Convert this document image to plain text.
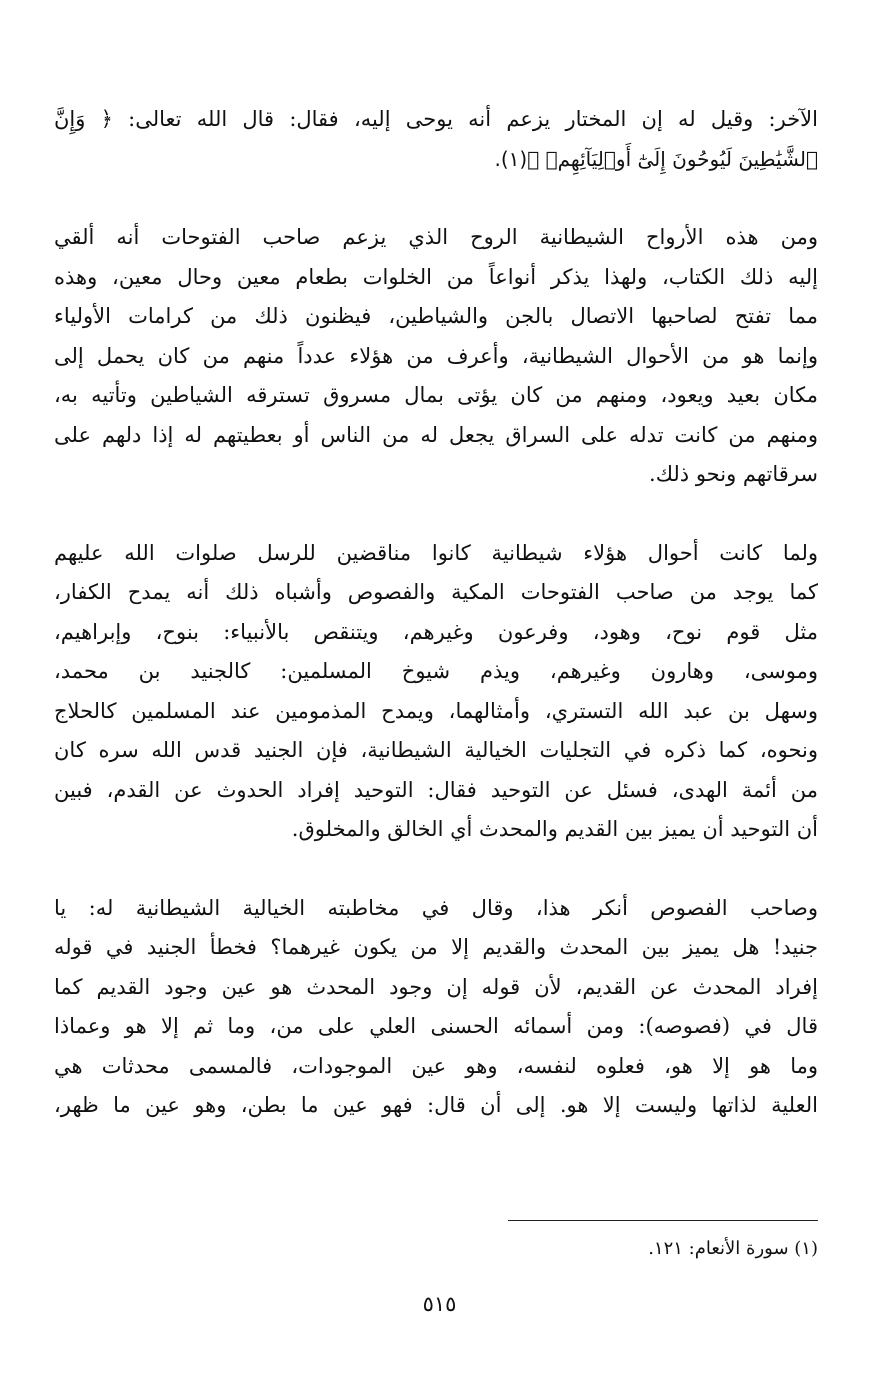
الآخر: وقيل له إن المختار يزعم أنه يوحى إليه، فقال: قال الله تعالى: ﴿ وَإِنَّ
ٱلشَّيَٰطِينَ لَيُوحُونَ إِلَىٰٓ أَوۡلِيَآئِهِمۡ ﴾(١).

ومن هذه الأرواح الشيطانية الروح الذي يزعم صاحب الفتوحات أنه ألقي
إليه ذلك الكتاب، ولهذا يذكر أنواعاً من الخلوات بطعام معين وحال معين، وهذه
مما تفتح لصاحبها الاتصال بالجن والشياطين، فيظنون ذلك من كرامات الأولياء
وإنما هو من الأحوال الشيطانية، وأعرف من هؤلاء عدداً منهم من كان يحمل إلى
مكان بعيد ويعود، ومنهم من كان يؤتى بمال مسروق تسترقه الشياطين وتأتيه به،
ومنهم من كانت تدله على السراق يجعل له من الناس أو بعطيتهم له إذا دلهم على
سرقاتهم ونحو ذلك.

ولما كانت أحوال هؤلاء شيطانية كانوا مناقضين للرسل صلوات الله عليهم
كما يوجد من صاحب الفتوحات المكية والفصوص وأشباه ذلك أنه يمدح الكفار،
مثل قوم نوح، وهود، وفرعون وغيرهم، ويتنقص بالأنبياء: بنوح، وإبراهيم،
وموسى، وهارون وغيرهم، ويذم شيوخ المسلمين: كالجنيد بن محمد،
وسهل بن عبد الله التستري، وأمثالهما، ويمدح المذمومين عند المسلمين كالحلاج
ونحوه، كما ذكره في التجليات الخيالية الشيطانية، فإن الجنيد قدس الله سره كان
من أئمة الهدى، فسئل عن التوحيد فقال: التوحيد إفراد الحدوث عن القدم، فبين
أن التوحيد أن يميز بين القديم والمحدث أي الخالق والمخلوق.

وصاحب الفصوص أنكر هذا، وقال في مخاطبته الخيالية الشيطانية له: يا
جنيد! هل يميز بين المحدث والقديم إلا من يكون غيرهما؟ فخطأ الجنيد في قوله
إفراد المحدث عن القديم، لأن قوله إن وجود المحدث هو عين وجود القديم كما
قال في (فصوصه): ومن أسمائه الحسنى العلي على من، وما ثم إلا هو وعماذا
وما هو إلا هو، فعلوه لنفسه، وهو عين الموجودات، فالمسمى محدثات هي
العلية لذاتها وليست إلا هو. إلى أن قال: فهو عين ما بطن، وهو عين ما ظهر،

(١) سورة الأنعام: ١٢١.
٥١٥
